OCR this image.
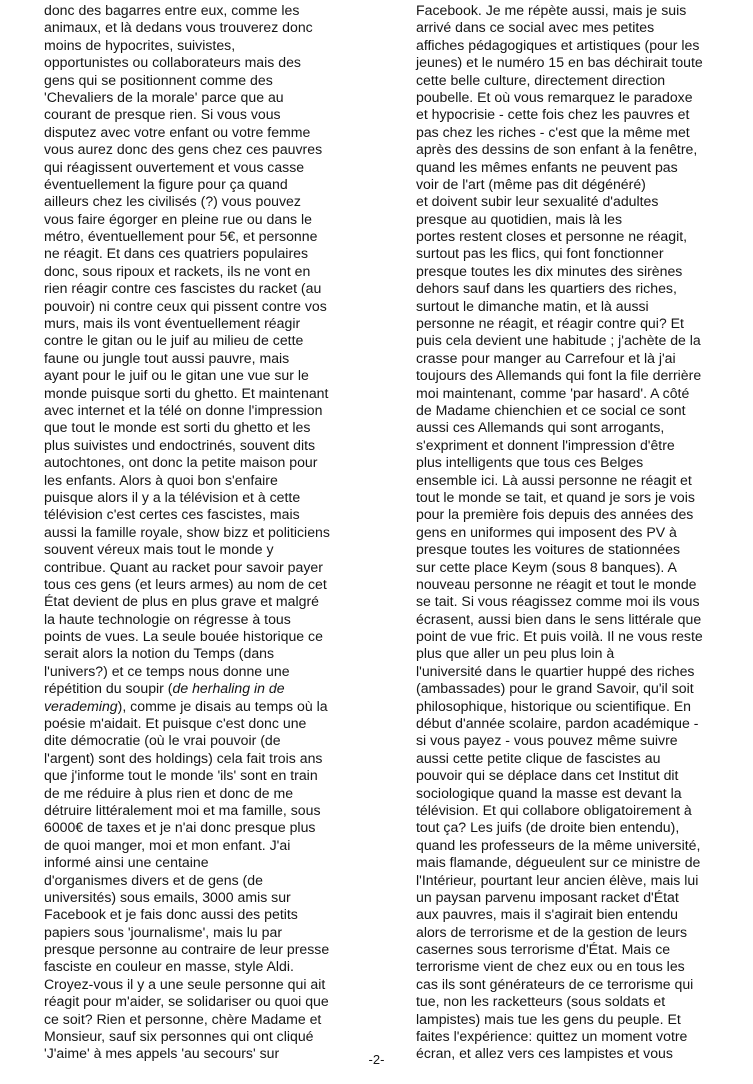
donc des bagarres entre eux, comme les
animaux, et là dedans vous trouverez donc
moins de hypocrites, suivistes,
opportunistes ou collaborateurs mais des
gens qui se positionnent comme des
'Chevaliers de la morale' parce que au
courant de presque rien. Si vous vous
disputez avec votre enfant ou votre femme
vous aurez donc des gens chez ces pauvres
qui réagissent ouvertement et vous casse
éventuellement la figure pour ça quand
ailleurs chez les civilisés (?) vous pouvez
vous faire égorger en pleine rue ou dans le
métro, éventuellement pour 5€, et personne
ne réagit. Et dans ces quatriers populaires
donc, sous ripoux et rackets, ils ne vont en
rien réagir contre ces fascistes du racket (au
pouvoir) ni contre ceux qui pissent contre vos
murs, mais ils vont éventuellement réagir
contre le gitan ou le juif au milieu de cette
faune ou jungle tout aussi pauvre, mais
ayant pour le juif ou le gitan une vue sur le
monde puisque sorti du ghetto. Et maintenant
avec internet et la télé on donne l'impression
que tout le monde est sorti du ghetto et les
plus suivistes und endoctrinés, souvent dits
autochtones, ont donc la petite maison pour
les enfants. Alors à quoi bon s'enfaire
puisque alors il y a la télévision et à cette
télévision c'est certes ces fascistes, mais
aussi la famille royale, show bizz et politiciens
souvent véreux mais tout le monde y
contribue. Quant au racket pour savoir payer
tous ces gens (et leurs armes) au nom de cet
État devient de plus en plus grave et malgré
la haute technologie on régresse à tous
points de vues. La seule bouée historique ce
serait alors la notion du Temps (dans
l'univers?) et ce temps nous donne une
répétition du soupir (de herhaling in de
verademing), comme je disais au temps où la
poésie m'aidait. Et puisque c'est donc une
dite démocratie (où le vrai pouvoir (de
l'argent) sont des holdings) cela fait trois ans
que j'informe tout le monde 'ils' sont en train
de me réduire à plus rien et donc de me
détruire littéralement moi et ma famille, sous
6000€ de taxes et je n'ai donc presque plus
de quoi manger, moi et mon enfant. J'ai
informé ainsi une centaine
d'organismes divers et de gens (de
universités) sous emails, 3000 amis sur
Facebook et je fais donc aussi des petits
papiers sous 'journalisme', mais lu par
presque personne au contraire de leur presse
fasciste en couleur en masse, style Aldi.
Croyez-vous il y a une seule personne qui ait
réagit pour m'aider, se solidariser ou quoi que
ce soit? Rien et personne, chère Madame et
Monsieur, sauf six personnes qui ont cliqué
'J'aime' à mes appels 'au secours' sur
Facebook. Je me répète aussi, mais je suis
arrivé dans ce social avec mes petites
affiches pédagogiques et artistiques (pour les
jeunes) et le numéro 15 en bas déchirait toute
cette belle culture, directement direction
poubelle. Et où vous remarquez le paradoxe
et hypocrisie - cette fois chez les pauvres et
pas chez les riches - c'est que la même met
après des dessins de son enfant à la fenêtre,
quand les mêmes enfants ne peuvent pas
voir de l'art (même pas dit dégénéré)
et doivent subir leur sexualité d'adultes
presque au quotidien, mais là les
portes restent closes et personne ne réagit,
surtout pas les flics, qui font fonctionner
presque toutes les dix minutes des sirènes
dehors sauf dans les quartiers des riches,
surtout le dimanche matin, et là aussi
personne ne réagit, et réagir contre qui? Et
puis cela devient une habitude ; j'achète de la
crasse pour manger au Carrefour et là j'ai
toujours des Allemands qui font la file derrière
moi maintenant, comme 'par hasard'. A côté
de Madame chienchien et ce social ce sont
aussi ces Allemands qui sont arrogants,
s'expriment et donnent l'impression d'être
plus intelligents que tous ces Belges
ensemble ici. Là aussi personne ne réagit et
tout le monde se tait, et quand je sors je vois
pour la première fois depuis des années des
gens en uniformes qui imposent des PV à
presque toutes les voitures de stationnées
sur cette place Keym (sous 8 banques). A
nouveau personne ne réagit et tout le monde
se tait. Si vous réagissez comme moi ils vous
écrasent, aussi bien dans le sens littérale que
point de vue fric. Et puis voilà. Il ne vous reste
plus que aller un peu plus loin à
l'université dans le quartier huppé des riches
(ambassades) pour le grand Savoir, qu'il soit
philosophique, historique ou scientifique. En
début d'année scolaire, pardon académique -
si vous payez - vous pouvez même suivre
aussi cette petite clique de fascistes au
pouvoir qui se déplace dans cet Institut dit
sociologique quand la masse est devant la
télévision. Et qui collabore obligatoirement à
tout ça? Les juifs (de droite bien entendu),
quand les professeurs de la même université,
mais flamande, dégueulent sur ce ministre de
l'Intérieur, pourtant leur ancien élève, mais lui
un paysan parvenu imposant racket d'État
aux pauvres, mais il s'agirait bien entendu
alors de terrorisme et de la gestion de leurs
casernes sous terrorisme d'État. Mais ce
terrorisme vient de chez eux ou en tous les
cas ils sont générateurs de ce terrorisme qui
tue, non les racketteurs (sous soldats et
lampistes) mais tue les gens du peuple. Et
faites l'expérience: quittez un moment votre
écran, et allez vers ces lampistes et vous
-2-
